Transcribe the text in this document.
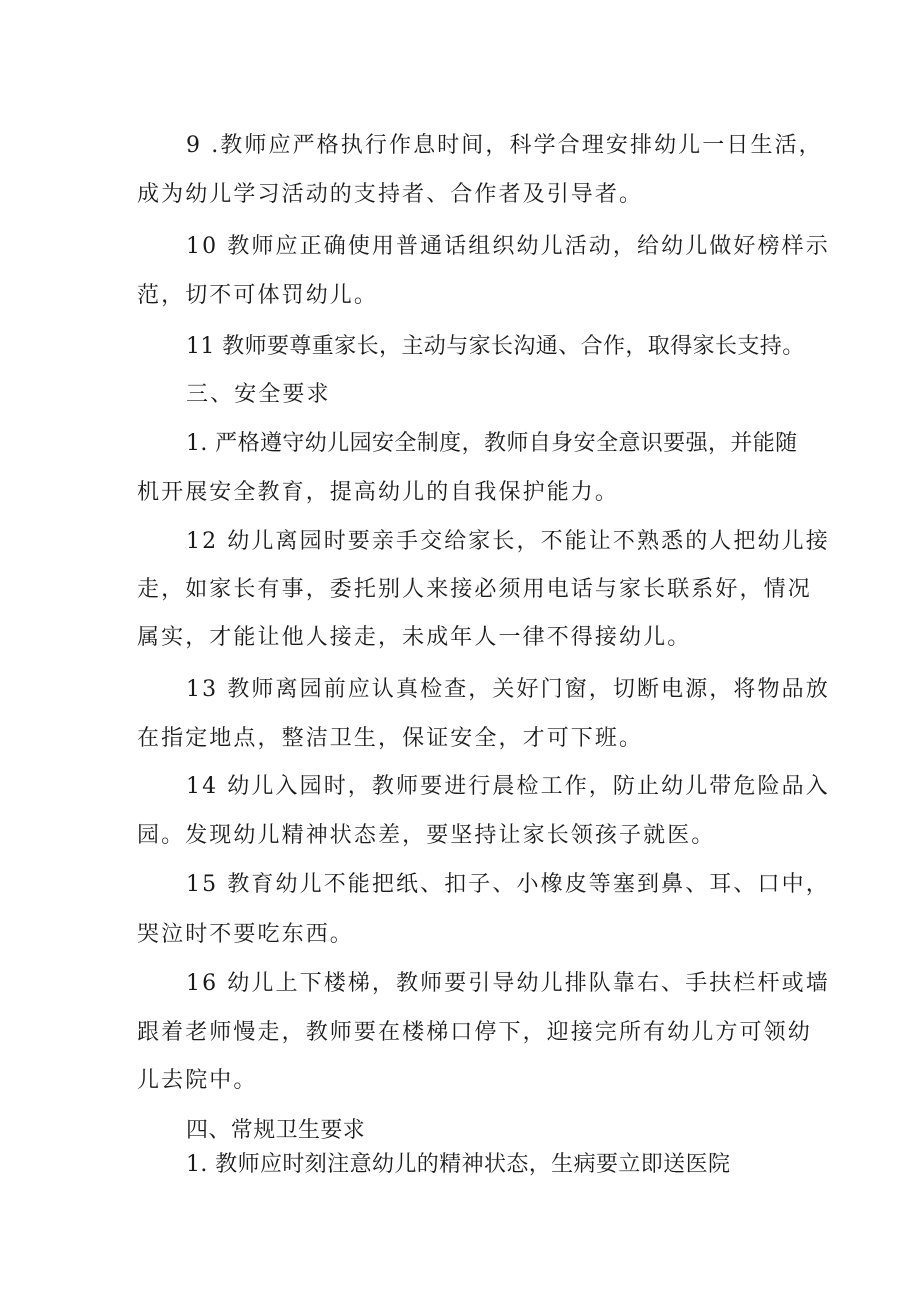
9 .教师应严格执行作息时间，科学合理安排幼儿一日生活，
成为幼儿学习活动的支持者、合作者及引导者。
10 教师应正确使用普通话组织幼儿活动，给幼儿做好榜样示
范，切不可体罚幼儿。
11 教师要尊重家长，主动与家长沟通、合作，取得家长支持。
三、安全要求
1. 严格遵守幼儿园安全制度，教师自身安全意识要强，并能随
机开展安全教育，提高幼儿的自我保护能力。
12 幼儿离园时要亲手交给家长，不能让不熟悉的人把幼儿接
走，如家长有事，委托别人来接必须用电话与家长联系好，情况
属实，才能让他人接走，未成年人一律不得接幼儿。
13 教师离园前应认真检查，关好门窗，切断电源，将物品放
在指定地点，整洁卫生，保证安全，才可下班。
14 幼儿入园时，教师要进行晨检工作，防止幼儿带危险品入
园。发现幼儿精神状态差，要坚持让家长领孩子就医。
15 教育幼儿不能把纸、扣子、小橡皮等塞到鼻、耳、口中，
哭泣时不要吃东西。
16 幼儿上下楼梯，教师要引导幼儿排队靠右、手扶栏杆或墙
跟着老师慢走，教师要在楼梯口停下，迎接完所有幼儿方可领幼
儿去院中。
四、常规卫生要求
1. 教师应时刻注意幼儿的精神状态，生病要立即送医院
